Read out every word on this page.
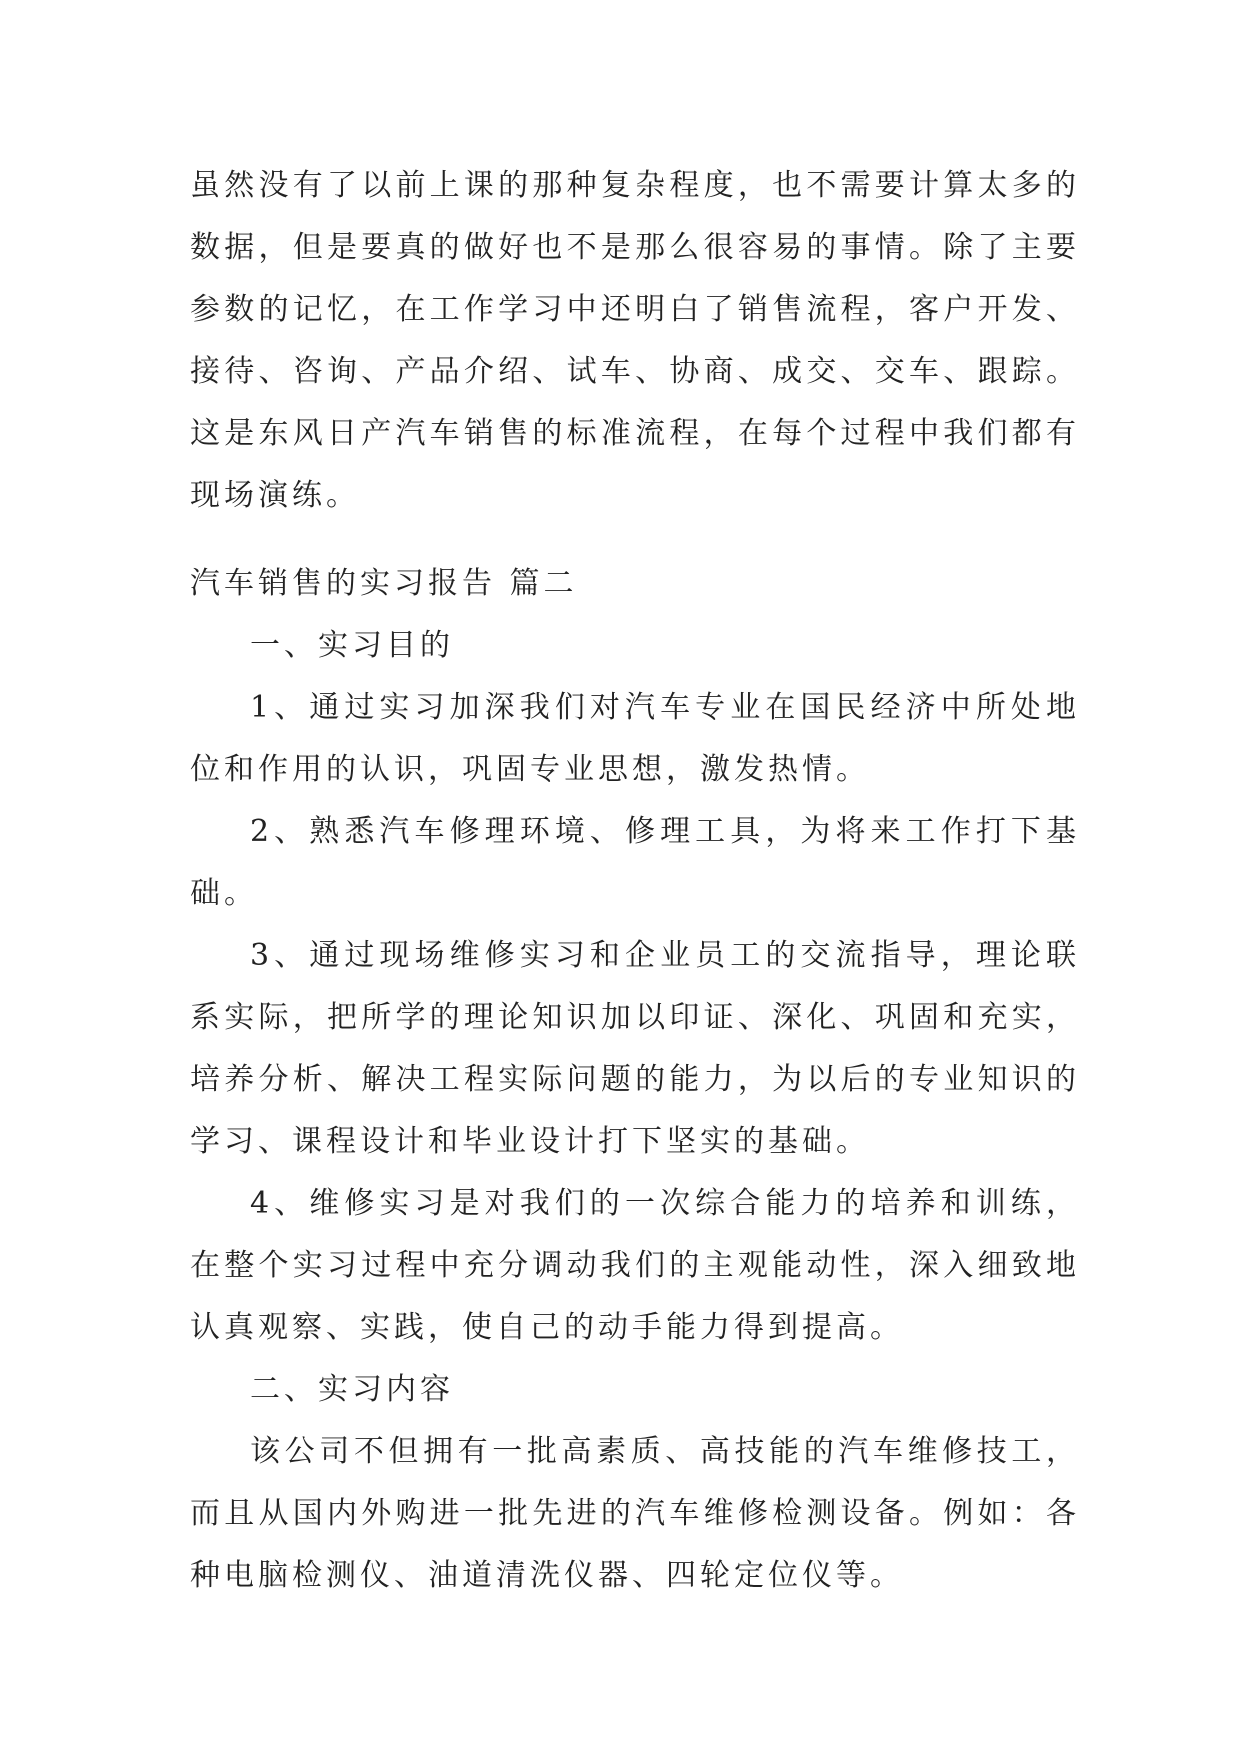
虽然没有了以前上课的那种复杂程度，也不需要计算太多的数据，但是要真的做好也不是那么很容易的事情。除了主要参数的记忆，在工作学习中还明白了销售流程，客户开发、接待、咨询、产品介绍、试车、协商、成交、交车、跟踪。这是东风日产汽车销售的标准流程，在每个过程中我们都有现场演练。

汽车销售的实习报告 篇二

一、实习目的

1、通过实习加深我们对汽车专业在国民经济中所处地位和作用的认识，巩固专业思想，激发热情。

2、熟悉汽车修理环境、修理工具，为将来工作打下基础。

3、通过现场维修实习和企业员工的交流指导，理论联系实际，把所学的理论知识加以印证、深化、巩固和充实，培养分析、解决工程实际问题的能力，为以后的专业知识的学习、课程设计和毕业设计打下坚实的基础。

4、维修实习是对我们的一次综合能力的培养和训练，在整个实习过程中充分调动我们的主观能动性，深入细致地认真观察、实践，使自己的动手能力得到提高。

二、实习内容

该公司不但拥有一批高素质、高技能的汽车维修技工，而且从国内外购进一批先进的汽车维修检测设备。例如：各种电脑检测仪、油道清洗仪器、四轮定位仪等。
